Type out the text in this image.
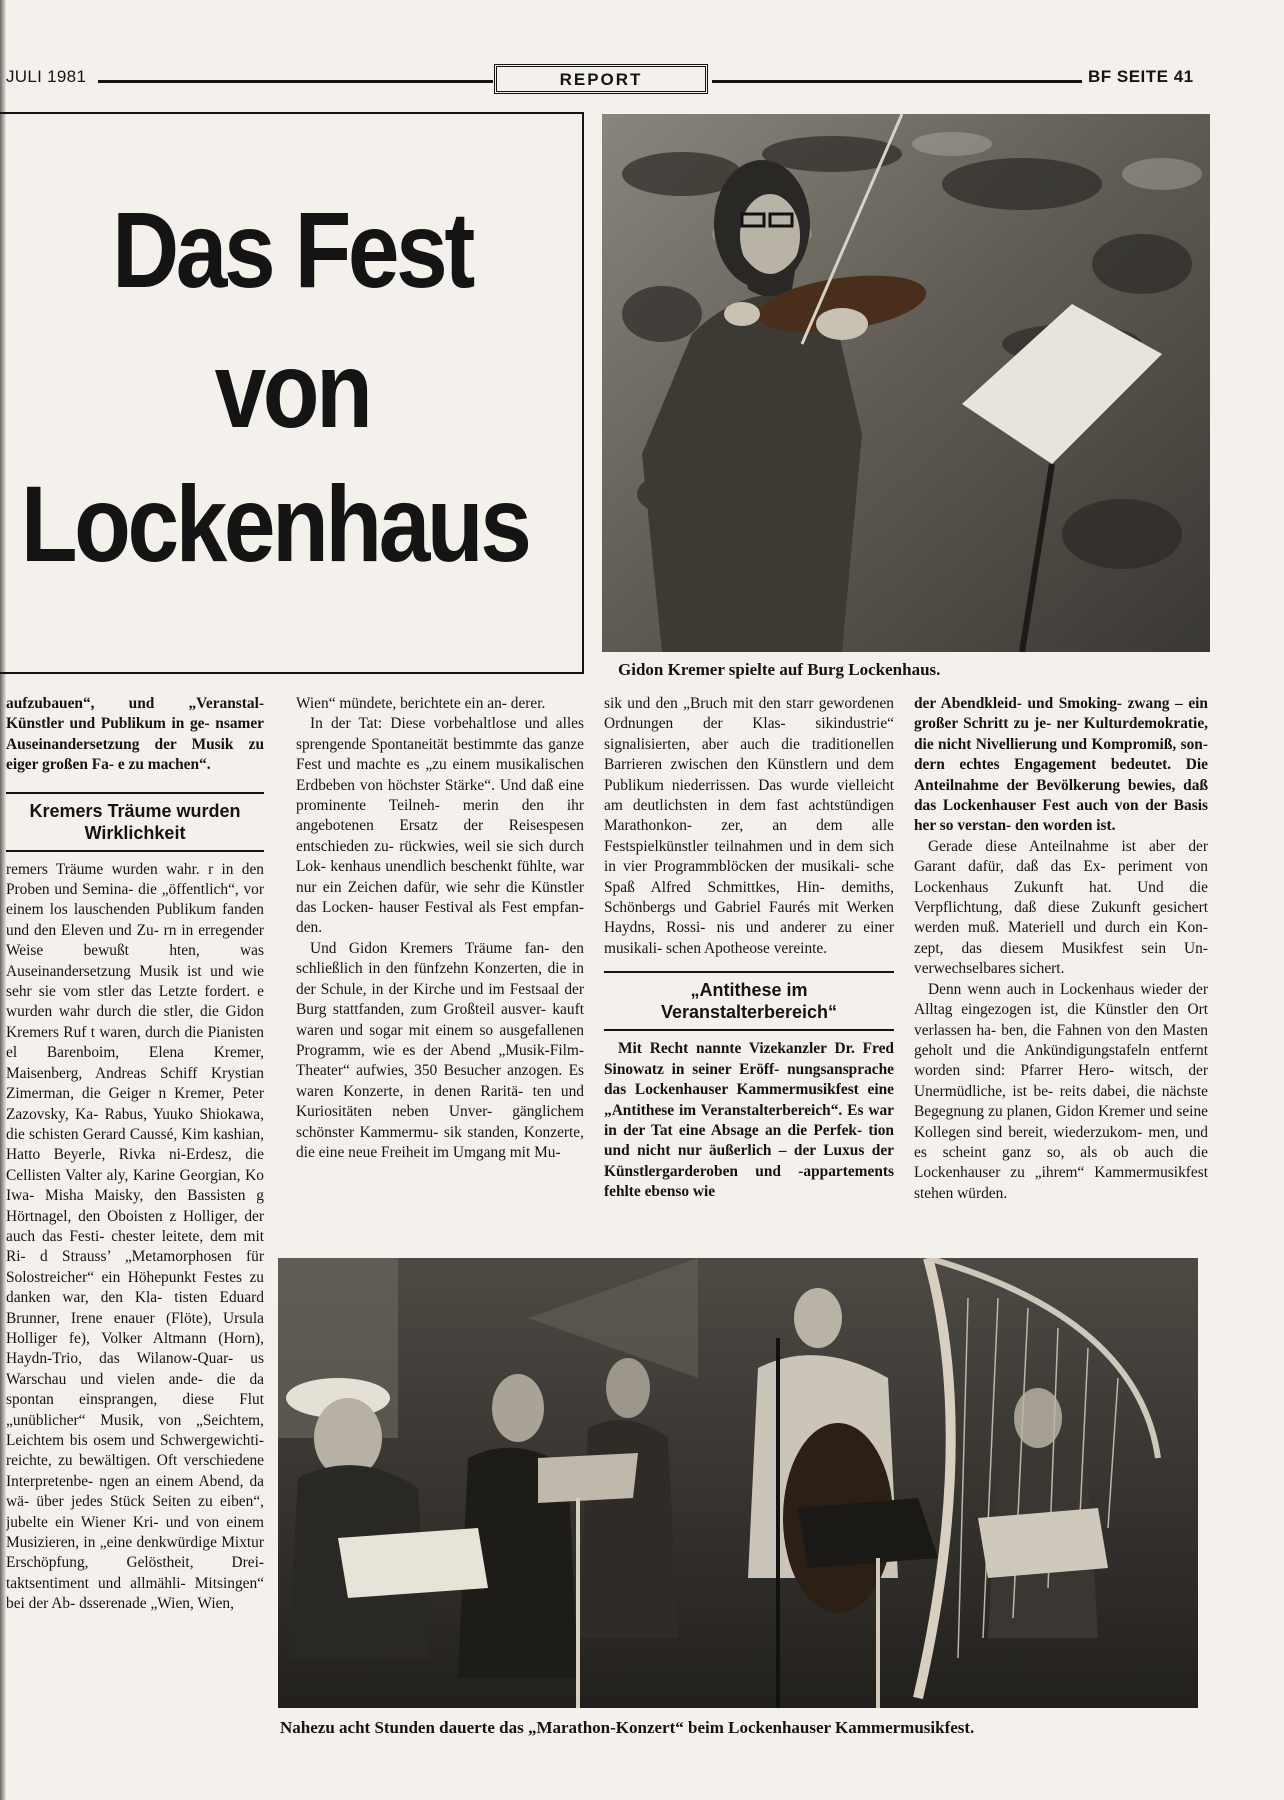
JULI 1981	REPORT	BF SEITE 41
Das Fest
von
Lockenhaus
Gidon Kremer spielte auf Burg Lockenhaus.

aufzubauen“, und „Veranstal- Künstler und Publikum in ge- nsamer Auseinandersetzung der Musik zu eiger großen Fa- e zu machen“.

Kremers Träume wurden Wirklichkeit

remers Träume wurden wahr. r in den Proben und Semina- die „öffentlich“, vor einem los lauschenden Publikum fanden und den Eleven und Zu- rn in erregender Weise bewußt hten, was Auseinandersetzung Musik ist und wie sehr sie vom stler das Letzte fordert. e wurden wahr durch die stler, die Gidon Kremers Ruf t waren, durch die Pianisten el Barenboim, Elena Kremer, Maisenberg, Andreas Schiff Krystian Zimerman, die Geiger n Kremer, Peter Zazovsky, Ka- Rabus, Yuuko Shiokawa, die schisten Gerard Caussé, Kim kashian, Hatto Beyerle, Rivka ni-Erdesz, die Cellisten Valter aly, Karine Georgian, Ko Iwa- Misha Maisky, den Bassisten g Hörtnagel, den Oboisten z Holliger, der auch das Festi- chester leitete, dem mit Ri- d Strauss’ „Metamorphosen für Solostreicher“ ein Höhepunkt Festes zu danken war, den Kla- tisten Eduard Brunner, Irene enauer (Flöte), Ursula Holliger fe), Volker Altmann (Horn), Haydn-Trio, das Wilanow-Quar- us Warschau und vielen ande- die da spontan einsprangen, diese Flut „unüblicher“ Musik, von „Seichtem, Leichtem bis osem und Schwergewichti- reichte, zu bewältigen. Oft verschiedene Interpretenbe- ngen an einem Abend, da wä- über jedes Stück Seiten zu eiben“, jubelte ein Wiener Kri- und von einem Musizieren, in „eine denkwürdige Mixtur Erschöpfung, Gelöstheit, Drei- taktsentiment und allmähli- Mitsingen“ bei der Ab- dsserenade „Wien, Wien,

Wien“ mündete, berichtete ein an- derer.

In der Tat: Diese vorbehaltlose und alles sprengende Spontaneität bestimmte das ganze Fest und machte es „zu einem musikalischen Erdbeben von höchster Stärke“. Und daß eine prominente Teilneh- merin den ihr angebotenen Ersatz der Reisespesen entschieden zu- rückwies, weil sie sich durch Lok- kenhaus unendlich beschenkt fühlte, war nur ein Zeichen dafür, wie sehr die Künstler das Locken- hauser Festival als Fest empfan- den.

Und Gidon Kremers Träume fan- den schließlich in den fünfzehn Konzerten, die in der Schule, in der Kirche und im Festsaal der Burg stattfanden, zum Großteil ausver- kauft waren und sogar mit einem so ausgefallenen Programm, wie es der Abend „Musik-Film-Theater“ aufwies, 350 Besucher anzogen. Es waren Konzerte, in denen Raritä- ten und Kuriositäten neben Unver- gänglichem schönster Kammermu- sik standen, Konzerte, die eine neue Freiheit im Umgang mit Mu-

sik und den „Bruch mit den starr gewordenen Ordnungen der Klas- sikindustrie“ signalisierten, aber auch die traditionellen Barrieren zwischen den Künstlern und dem Publikum niederrissen. Das wurde vielleicht am deutlichsten in dem fast achtstündigen Marathonkon- zer, an dem alle Festspielkünstler teilnahmen und in dem sich in vier Programmblöcken der musikali- sche Spaß Alfred Schmittkes, Hin- demiths, Schönbergs und Gabriel Faurés mit Werken Haydns, Rossi- nis und anderer zu einer musikali- schen Apotheose vereinte.

„Antithese im Veranstalterbereich“

Mit Recht nannte Vizekanzler Dr. Fred Sinowatz in seiner Eröff- nungsansprache das Lockenhauser Kammermusikfest eine „Antithese im Veranstalterbereich“. Es war in der Tat eine Absage an die Perfek- tion und nicht nur äußerlich – der Luxus der Künstlergarderoben und -appartements fehlte ebenso wie

der Abendkleid- und Smoking- zwang – ein großer Schritt zu je- ner Kulturdemokratie, die nicht Nivellierung und Kompromiß, son- dern echtes Engagement bedeutet. Die Anteilnahme der Bevölkerung bewies, daß das Lockenhauser Fest auch von der Basis her so verstan- den worden ist.

Gerade diese Anteilnahme ist aber der Garant dafür, daß das Ex- periment von Lockenhaus Zukunft hat. Und die Verpflichtung, daß diese Zukunft gesichert werden muß. Materiell und durch ein Kon- zept, das diesem Musikfest sein Un- verwechselbares sichert.

Denn wenn auch in Lockenhaus wieder der Alltag eingezogen ist, die Künstler den Ort verlassen ha- ben, die Fahnen von den Masten geholt und die Ankündigungstafeln entfernt worden sind: Pfarrer Hero- witsch, der Unermüdliche, ist be- reits dabei, die nächste Begegnung zu planen, Gidon Kremer und seine Kollegen sind bereit, wiederzukom- men, und es scheint ganz so, als ob auch die Lockenhauser zu „ihrem“ Kammermusikfest stehen würden.

Nahezu acht Stunden dauerte das „Marathon-Konzert“ beim Lockenhauser Kammermusikfest.
